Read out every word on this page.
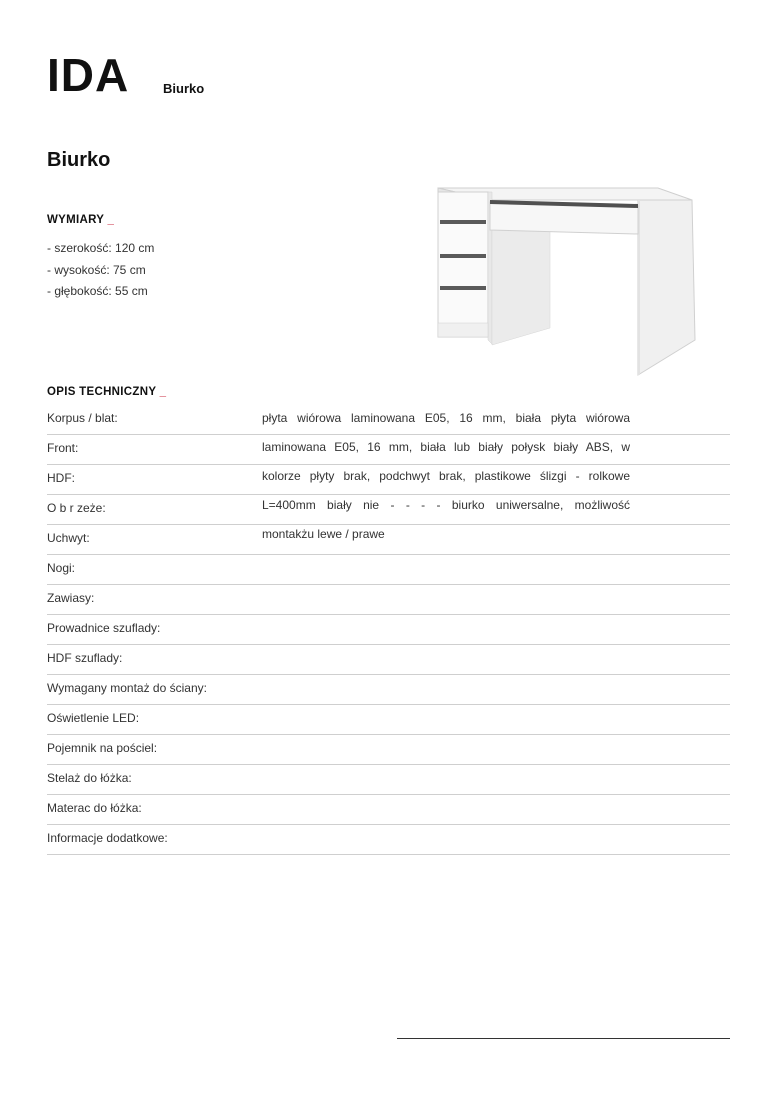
IDA	Biurko
Biurko
WYMIARY _
- szerokość: 120 cm
- wysokość: 75 cm
- głębokość: 55 cm
OPIS TECHNICZNY _
Korpus / blat:
Front:
HDF:
O b r zeże:
Uchwyt:
Nogi:
Zawiasy:
Prowadnice szuflady:
HDF szuflady:
Wymagany montaż do ściany:
Oświetlenie LED:
Pojemnik na pościel:
Stelaż do łóżka:
Materac do łóżka:
Informacje dodatkowe:
płyta wiórowa laminowana E05, 16 mm, biała płyta wiórowa
laminowana E05, 16 mm, biała lub biały połysk biały ABS, w
kolorze płyty brak, podchwyt brak, plastikowe ślizgi - rolkowe
L=400mm biały nie - - - - biurko uniwersalne, możliwość
montakżu lewe / prawe
